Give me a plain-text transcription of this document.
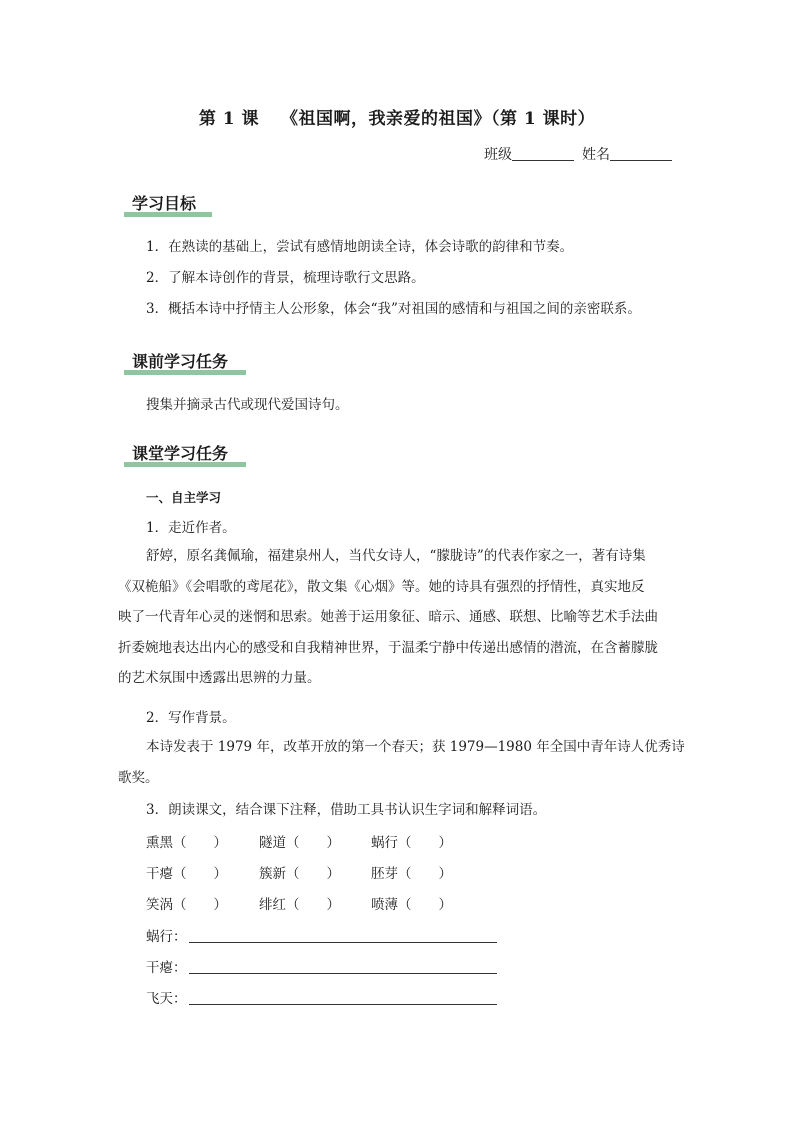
第 1 课 《祖国啊，我亲爱的祖国》（第 1 课时）
班级	姓名
学习目标
1．在熟读的基础上，尝试有感情地朗读全诗，体会诗歌的韵律和节奏。
2．了解本诗创作的背景，梳理诗歌行文思路。
3．概括本诗中抒情主人公形象，体会“我”对祖国的感情和与祖国之间的亲密联系。
课前学习任务
搜集并摘录古代或现代爱国诗句。
课堂学习任务
一、自主学习
1．走近作者。
舒婷，原名龚佩瑜，福建泉州人，当代女诗人，“朦胧诗”的代表作家之一，著有诗集
《双桅船》《会唱歌的鸢尾花》，散文集《心烟》等。她的诗具有强烈的抒情性，真实地反
映了一代青年心灵的迷惘和思索。她善于运用象征、暗示、通感、联想、比喻等艺术手法曲
折委婉地表达出内心的感受和自我精神世界，于温柔宁静中传递出感情的潜流，在含蓄朦胧
的艺术氛围中透露出思辨的力量。
2．写作背景。
本诗发表于 1979 年，改革开放的第一个春天；获 1979—1980 年全国中青年诗人优秀诗
歌奖。
3．朗读课文，结合课下注释，借助工具书认识生字词和解释词语。
熏黑（　　） 隧道（　　） 蜗行（　　）
干瘪（　　） 簇新（　　） 胚芽（　　）
笑涡（　　） 绯红（　　） 喷薄（　　）
蜗行：
干瘪：
飞天：
